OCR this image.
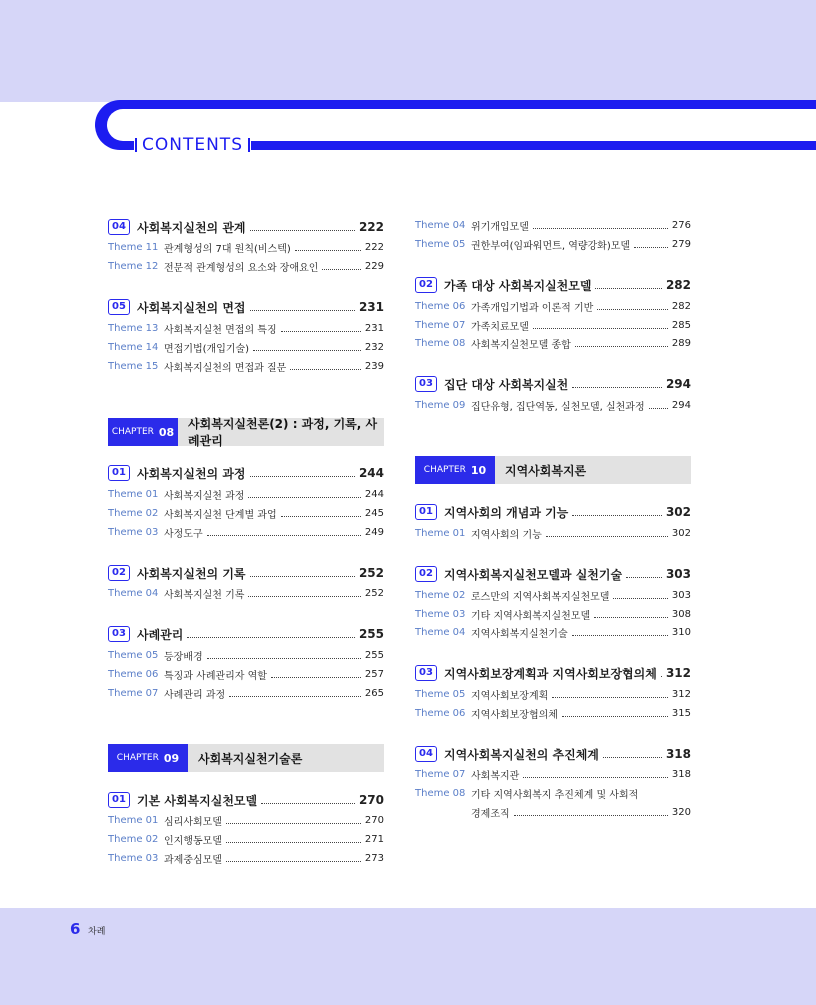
CONTENTS
04 사회복지실천의 관계	222
Theme 11 관계형성의 7대 원칙(비스텍)	222
Theme 12 전문적 관계형성의 요소와 장애요인	229
05 사회복지실천의 면접	231
Theme 13 사회복지실천 면접의 특징	231
Theme 14 면접기법(개입기술)	232
Theme 15 사회복지실천의 면접과 질문	239
CHAPTER 08
사회복지실천론(2) : 과정, 기록, 사례관리
01 사회복지실천의 과정	244
Theme 01 사회복지실천 과정	244
Theme 02 사회복지실천 단계별 과업	245
Theme 03 사정도구	249
02 사회복지실천의 기록	252
Theme 04 사회복지실천 기록	252
03 사례관리	255
Theme 05 등장배경	255
Theme 06 특징과 사례관리자 역할	257
Theme 07 사례관리 과정	265
CHAPTER 09 사회복지실천기술론
01 기본 사회복지실천모델	270
Theme 01 심리사회모델	270
Theme 02 인지행동모델	271
Theme 03 과제중심모델	273
Theme 04 위기개입모델	276
Theme 05 권한부여(임파워먼트, 역량강화)모델	279
02 가족 대상 사회복지실천모델	282
Theme 06 가족개입기법과 이론적 기반	282
Theme 07 가족치료모델	285
Theme 08 사회복지실천모델 종합	289
03 집단 대상 사회복지실천	294
Theme 09 집단유형, 집단역동, 실천모델, 실천과정	294
CHAPTER 10 지역사회복지론
01 지역사회의 개념과 기능	302
Theme 01 지역사회의 기능	302
02 지역사회복지실천모델과 실천기술	303
Theme 02 로스만의 지역사회복지실천모델	303
Theme 03 기타 지역사회복지실천모델	308
Theme 04 지역사회복지실천기술	310
03 지역사회보장계획과 지역사회보장협의체 312
Theme 05 지역사회보장계획	312
Theme 06 지역사회보장협의체	315
04 지역사회복지실천의 추진체계	318
Theme 07 사회복지관	318
Theme 08 기타 지역사회복지 추진체계 및 사회적
경제조직	320
6 차례
